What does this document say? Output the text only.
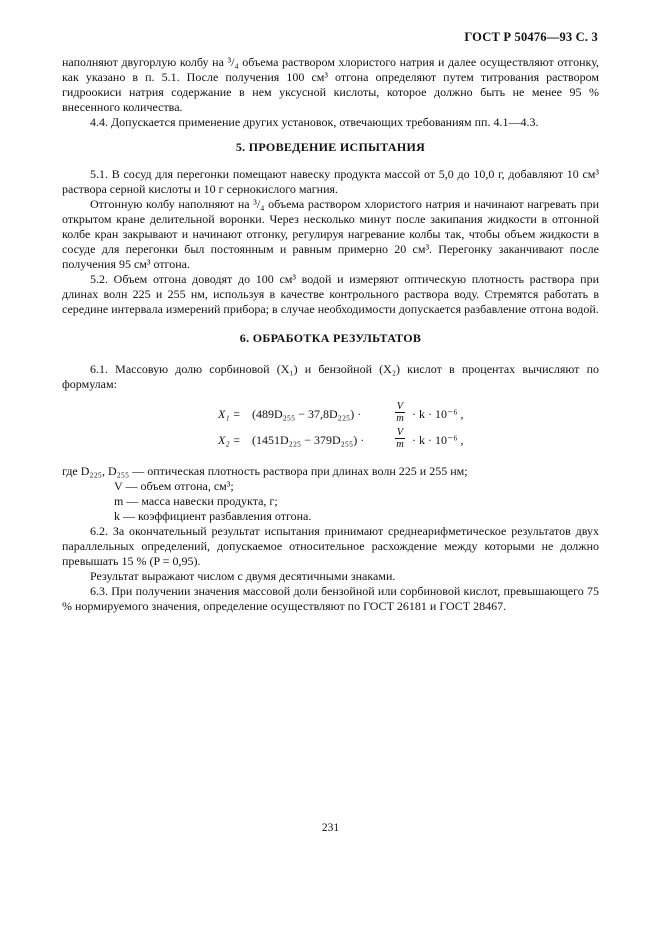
ГОСТ Р 50476—93 С. 3

наполняют двугорлую колбу на ³/₄ объема раствором хлористого натрия и далее осуществляют отгонку, как указано в п. 5.1. После получения 100 см³ отгона определяют путем титрования раствором гидроокиси натрия содержание в нем уксусной кислоты, которое должно быть не менее 95 % внесенного количества.

4.4. Допускается применение других установок, отвечающих требованиям пп. 4.1—4.3.

5. ПРОВЕДЕНИЕ ИСПЫТАНИЯ

5.1. В сосуд для перегонки помещают навеску продукта массой от 5,0 до 10,0 г, добавляют 10 см³ раствора серной кислоты и 10 г сернокислого магния.

Отгонную колбу наполняют на ³/₄ объема раствором хлористого натрия и начинают нагревать при открытом кране делительной воронки. Через несколько минут после закипания жидкости в отгонной колбе кран закрывают и начинают отгонку, регулируя нагревание колбы так, чтобы объем жидкости в сосуде для перегонки был постоянным и равным примерно 20 см³. Перегонку заканчивают после получения 95 см³ отгона.

5.2. Объем отгона доводят до 100 см³ водой и измеряют оптическую плотность раствора при длинах волн 225 и 255 нм, используя в качестве контрольного раствора воду. Стремятся работать в середине интервала измерений прибора; в случае необходимости допускается разбавление отгона водой.

6. ОБРАБОТКА РЕЗУЛЬТАТОВ

6.1. Массовую долю сорбиновой (X₁) и бензойной (X₂) кислот в процентах вычисляют по формулам:

X₁ = (489D₂₅₅ − 37,8D₂₂₅) ·
V
m · k · 10⁻⁶ ,
X₂ = (1451D₂₂₅ − 379D₂₅₅) ·
V
m · k · 10⁻⁶ ,

где D₂₂₅, D₂₅₅ — оптическая плотность раствора при длинах волн 225 и 255 нм;

V — объем отгона, см³;

m — масса навески продукта, г;

k — коэффициент разбавления отгона.

6.2. За окончательный результат испытания принимают среднеарифметическое результатов двух параллельных определений, допускаемое относительное расхождение между которыми не должно превышать 15 % (P = 0,95).

Результат выражают числом с двумя десятичными знаками.

6.3. При получении значения массовой доли бензойной или сорбиновой кислот, превышающего 75 % нормируемого значения, определение осуществляют по ГОСТ 26181 и ГОСТ 28467.

231
